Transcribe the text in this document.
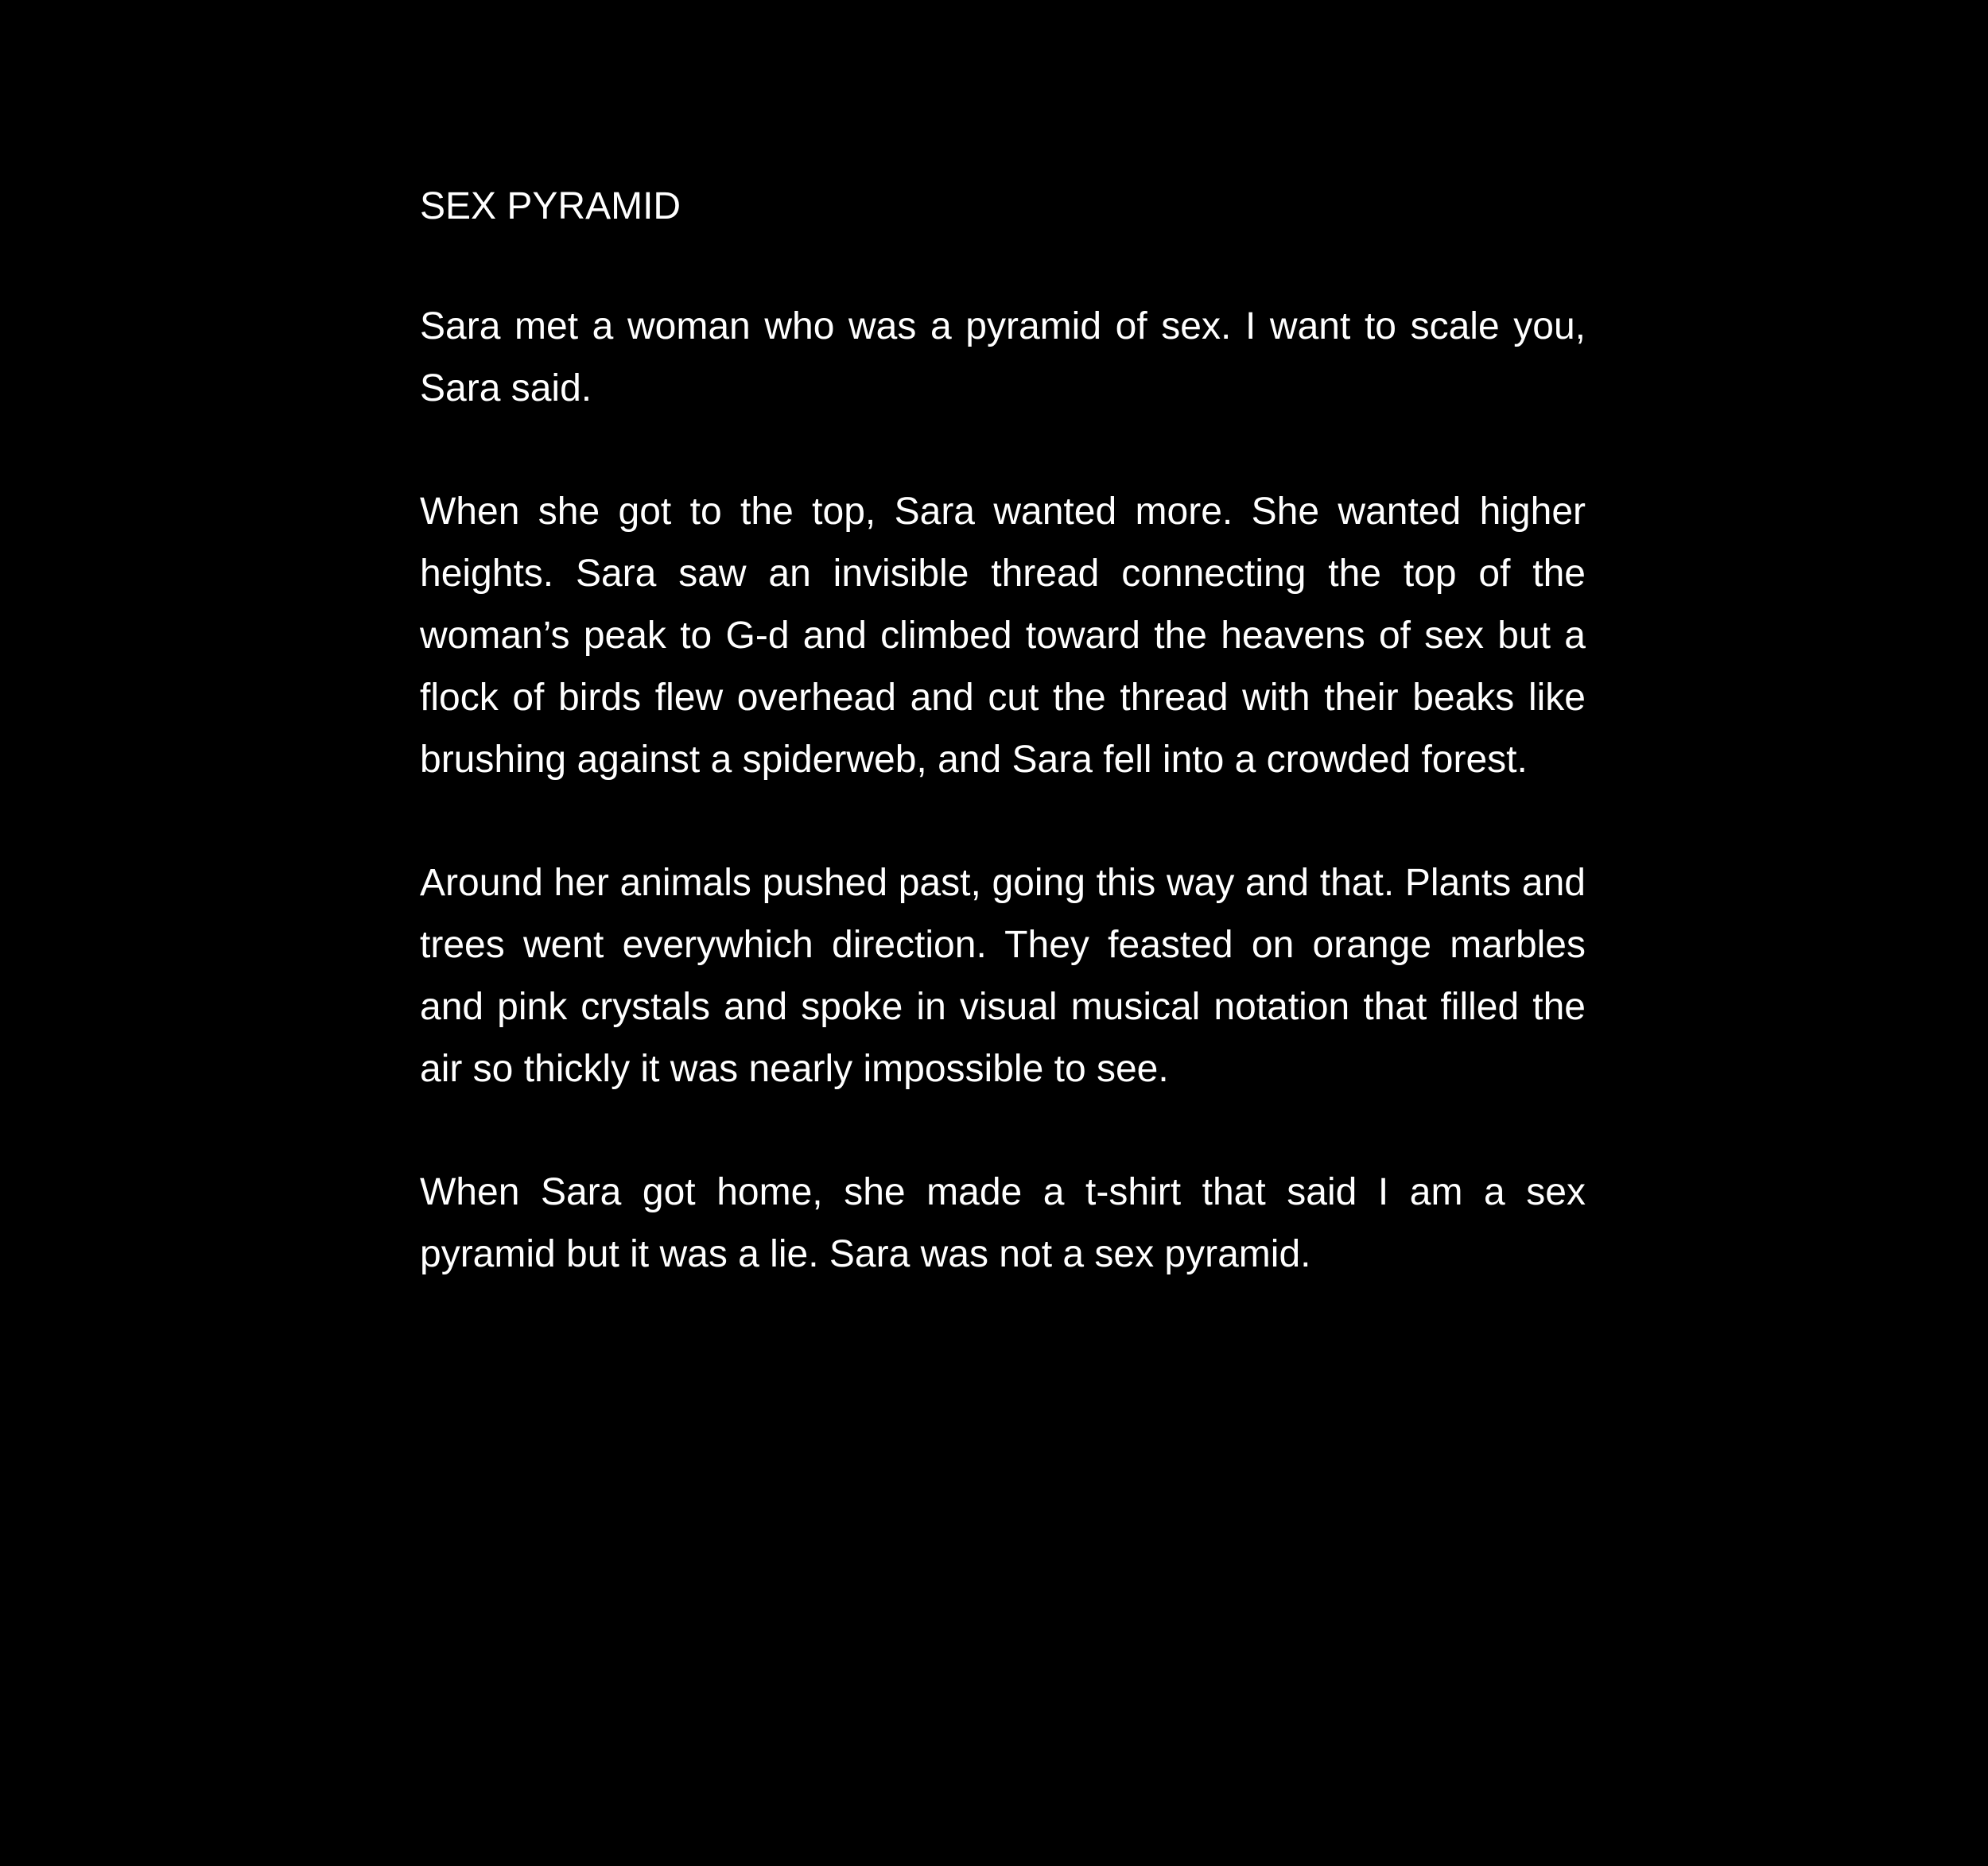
SEX PYRAMID

Sara met a woman who was a pyramid of sex. I want to scale you, Sara said.

When she got to the top, Sara wanted more. She wanted higher heights. Sara saw an invisible thread connecting the top of the woman’s peak to G-d and climbed toward the heavens of sex but a flock of birds flew overhead and cut the thread with their beaks like brushing against a spiderweb, and Sara fell into a crowded forest.

Around her animals pushed past, going this way and that. Plants and trees went everywhich direction. They feasted on orange marbles and pink crystals and spoke in visual musical notation that filled the air so thickly it was nearly impossible to see.

When Sara got home, she made a t-shirt that said I am a sex pyramid but it was a lie. Sara was not a sex pyramid.
